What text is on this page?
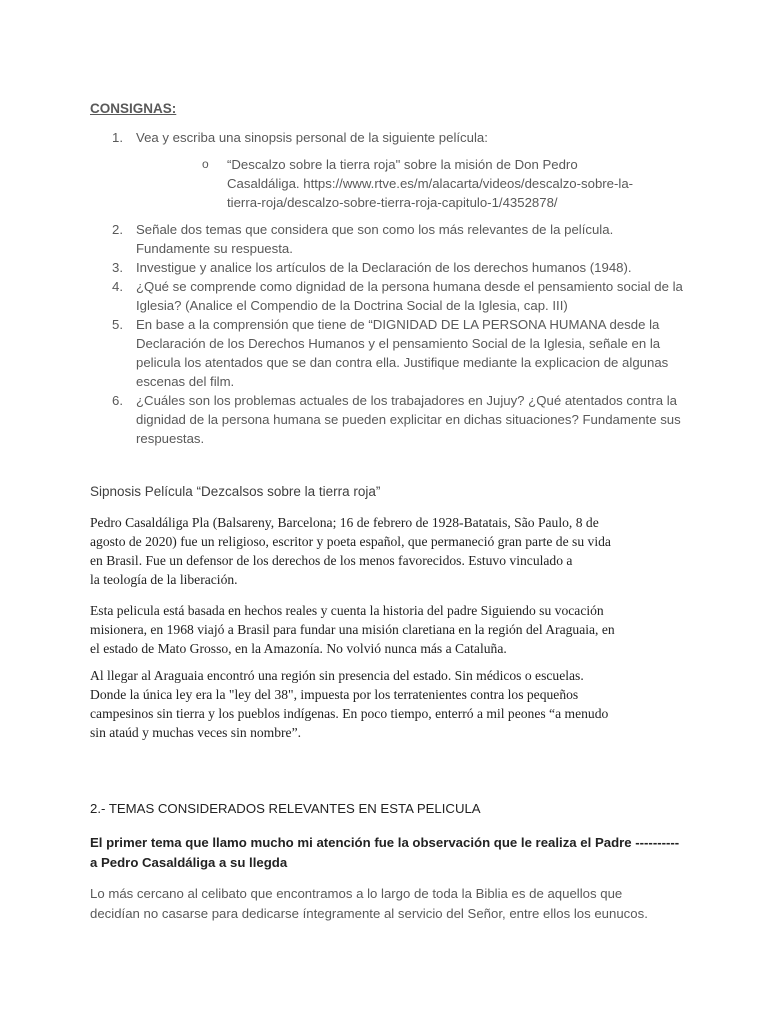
CONSIGNAS:

1. Vea y escriba una sinopsis personal de la siguiente película:
o “Descalzo sobre la tierra roja" sobre la misión de Don Pedro
Casaldáliga. https://www.rtve.es/m/alacarta/videos/descalzo-sobre-la-
tierra-roja/descalzo-sobre-tierra-roja-capitulo-1/4352878/
2. Señale dos temas que considera que son como los más relevantes de la película. Fundamente su respuesta.
3. Investigue y analice los artículos de la Declaración de los derechos humanos (1948).
4. ¿Qué se comprende como dignidad de la persona humana desde el pensamiento social de la Iglesia? (Analice el Compendio de la Doctrina Social de la Iglesia, cap. III)
5. En base a la comprensión que tiene de “DIGNIDAD DE LA PERSONA HUMANA desde la Declaración de los Derechos Humanos y el pensamiento Social de la Iglesia, señale en la pelicula los atentados que se dan contra ella. Justifique mediante la explicacion de algunas escenas del film.
6. ¿Cuáles son los problemas actuales de los trabajadores en Jujuy? ¿Qué atentados contra la dignidad de la persona humana se pueden explicitar en dichas situaciones? Fundamente sus respuestas.

Sipnosis Película “Dezcalsos sobre la tierra roja”

Pedro Casaldáliga Pla (Balsareny, Barcelona; 16 de febrero de 1928-Batatais, São Paulo, 8 de
agosto de 2020) fue un religioso, escritor y poeta español, que permaneció gran parte de su vida
en Brasil. Fue un defensor de los derechos de los menos favorecidos. Estuvo vinculado a
la teología de la liberación.
Esta pelicula está basada en hechos reales y cuenta la historia del padre Siguiendo su vocación
misionera, en 1968 viajó a Brasil para fundar una misión claretiana en la región del Araguaia, en
el estado de Mato Grosso, en la Amazonía. No volvió nunca más a Cataluña.
Al llegar al Araguaia encontró una región sin presencia del estado. Sin médicos o escuelas.
Donde la única ley era la "ley del 38", impuesta por los terratenientes contra los pequeños
campesinos sin tierra y los pueblos indígenas. En poco tiempo, enterró a mil peones “a menudo
sin ataúd y muchas veces sin nombre”.

2.- TEMAS CONSIDERADOS RELEVANTES EN ESTA PELICULA

El primer tema que llamo mucho mi atención fue la observación que le realiza el Padre ----------
a Pedro Casaldáliga a su llegda
Lo más cercano al celibato que encontramos a lo largo de toda la Biblia es de aquellos que
decidían no casarse para dedicarse íntegramente al servicio del Señor, entre ellos los eunucos.
